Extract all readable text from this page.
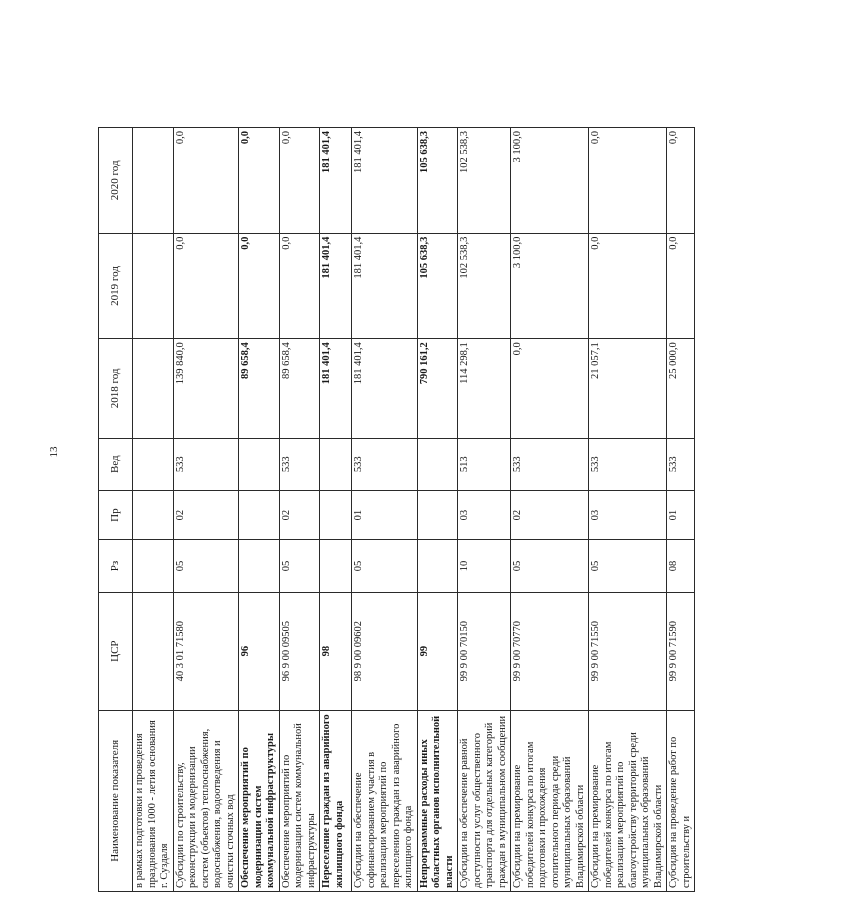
13
Наименование показателя	ЦСР	Рз	Пр	Вед	2018 год	2019 год	2020 год
в рамках подготовки и проведения празднования 1000 - летия основания г. Суздаля							
Субсидии по строительству, реконструкции и модернизации систем (объектов) теплоснабжения, водоснабжения, водоотведения и очистки сточных вод	40 3 01 71580	05	02	533	139 840,0	0,0	0,0
Обеспечение мероприятий по модернизации систем коммунальной инфраструктуры	96				89 658,4	0,0	0,0
Обеспечение мероприятий по модернизации систем коммунальной инфраструктуры	96 9 00 09505	05	02	533	89 658,4	0,0	0,0
Переселение граждан из аварийного жилищного фонда	98				181 401,4	181 401,4	181 401,4
Субсидии на обеспечение софинансированием участия в реализации мероприятий по переселению граждан из аварийного жилищного фонда	98 9 00 09602	05	01	533	181 401,4	181 401,4	181 401,4
Непрограммные расходы иных областных органов исполнительной власти	99				790 161,2	105 638,3	105 638,3
Субсидии на обеспечение равной доступности услуг общественного транспорта для отдельных категорий граждан в муниципальном сообщении	99 9 00 70150	10	03	513	114 298,1	102 538,3	102 538,3
Субсидии на премирование победителей конкурса по итогам подготовки и прохождения отопительного периода среди муниципальных образований Владимирской области	99 9 00 70770	05	02	533	0,0	3 100,0	3 100,0
Субсидии на премирование победителей конкурса по итогам реализации мероприятий по благоустройству территорий среди муниципальных образований Владимирской области	99 9 00 71550	05	03	533	21 057,1	0,0	0,0
Субсидия на проведение работ по строительству и	99 9 00 71590	08	01	533	25 000,0	0,0	0,0
